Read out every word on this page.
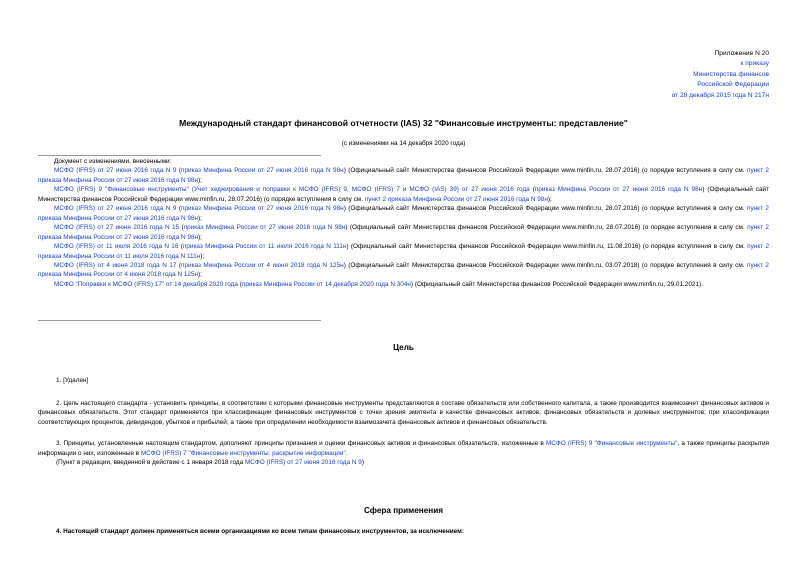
Приложение N 20
к приказу
Министерства финансов
Российской Федерации
от 28 декабря 2015 года N 217н
Международный стандарт финансовой отчетности (IAS) 32 "Финансовые инструменты: представление"
(с изменениями на 14 декабря 2020 года)
Документ с изменениями, внесенными:
МСФО (IFRS) от 27 июня 2016 года N 9 (приказ Минфина России от 27 июня 2016 года N 98н) (Официальный сайт Министерства финансов Российской Федерации www.minfin.ru, 28.07.2016) (о порядке вступления в силу см. пункт 2 приказа Минфина России от 27 июня 2016 года N 98н);
МСФО (IFRS) 9 "Финансовые инструменты" (Учет хеджирования и поправки к МСФО (IFRS) 9, МСФО (IFRS) 7 и МСФО (IAS) 39) от 27 июня 2016 года (приказ Минфина России от 27 июня 2016 года N 98н) (Официальный сайт Министерства финансов Российской Федерации www.minfin.ru, 28.07.2016) (о порядке вступления в силу см. пункт 2 приказа Минфина России от 27 июня 2016 года N 98н);
МСФО (IFRS) от 27 июня 2016 года N 9 (приказ Минфина России от 27 июня 2016 года N 98н) (Официальный сайт Министерства финансов Российской Федерации www.minfin.ru, 28.07.2016) (о порядке вступления в силу см. пункт 2 приказа Минфина России от 27 июня 2016 года N 98н);
МСФО (IFRS) от 27 июня 2016 года N 15 (приказ Минфина России от 27 июня 2016 года N 98н) (Официальный сайт Министерства финансов Российской Федерации www.minfin.ru, 28.07.2016) (о порядке вступления в силу см. пункт 2 приказа Минфина России от 27 июня 2016 года N 98н);
МСФО (IFRS) от 11 июля 2016 года N 16 (приказ Минфина России от 11 июля 2016 года N 111н) (Официальный сайт Министерства финансов Российской Федерации www.minfin.ru, 11.08.2016) (о порядке вступления в силу см. пункт 2 приказа Минфина России от 11 июля 2016 года N 111н);
МСФО (IFRS) от 4 июня 2018 года N 17 (приказ Минфина России от 4 июня 2018 года N 125н) (Официальный сайт Министерства финансов Российской Федерации www.minfin.ru, 03.07.2018) (о порядке вступления в силу см. пункт 2 приказа Минфина России от 4 июня 2018 года N 125н);
МСФО "Поправки к МСФО (IFRS) 17" от 14 декабря 2020 года (приказ Минфина России от 14 декабря 2020 года N 304н) (Официальный сайт Министерства финансов Российской Федерации www.minfin.ru, 29.01.2021).
Цель
1. [Удален]
2. Цель настоящего стандарта - установить принципы, в соответствии с которыми финансовые инструменты представляются в составе обязательств или собственного капитала, а также производится взаимозачет финансовых активов и финансовых обязательств. Этот стандарт применяется при классификации финансовых инструментов с точки зрения эмитента в качестве финансовых активов, финансовых обязательств и долевых инструментов; при классификации соответствующих процентов, дивидендов, убытков и прибылей; а также при определении необходимости взаимозачета финансовых активов и финансовых обязательств.
3. Принципы, установленные настоящим стандартом, дополняют принципы признания и оценки финансовых активов и финансовых обязательств, изложенные в МСФО (IFRS) 9 "Финансовые инструменты", а также принципы раскрытия информации о них, изложенные в МСФО (IFRS) 7 "Финансовые инструменты: раскрытие информации".
(Пункт в редакции, введенной в действие с 1 января 2018 года МСФО (IFRS) от 27 июня 2016 года N 9)
Сфера применения
4. Настоящий стандарт должен применяться всеми организациями ко всем типам финансовых инструментов, за исключением:
